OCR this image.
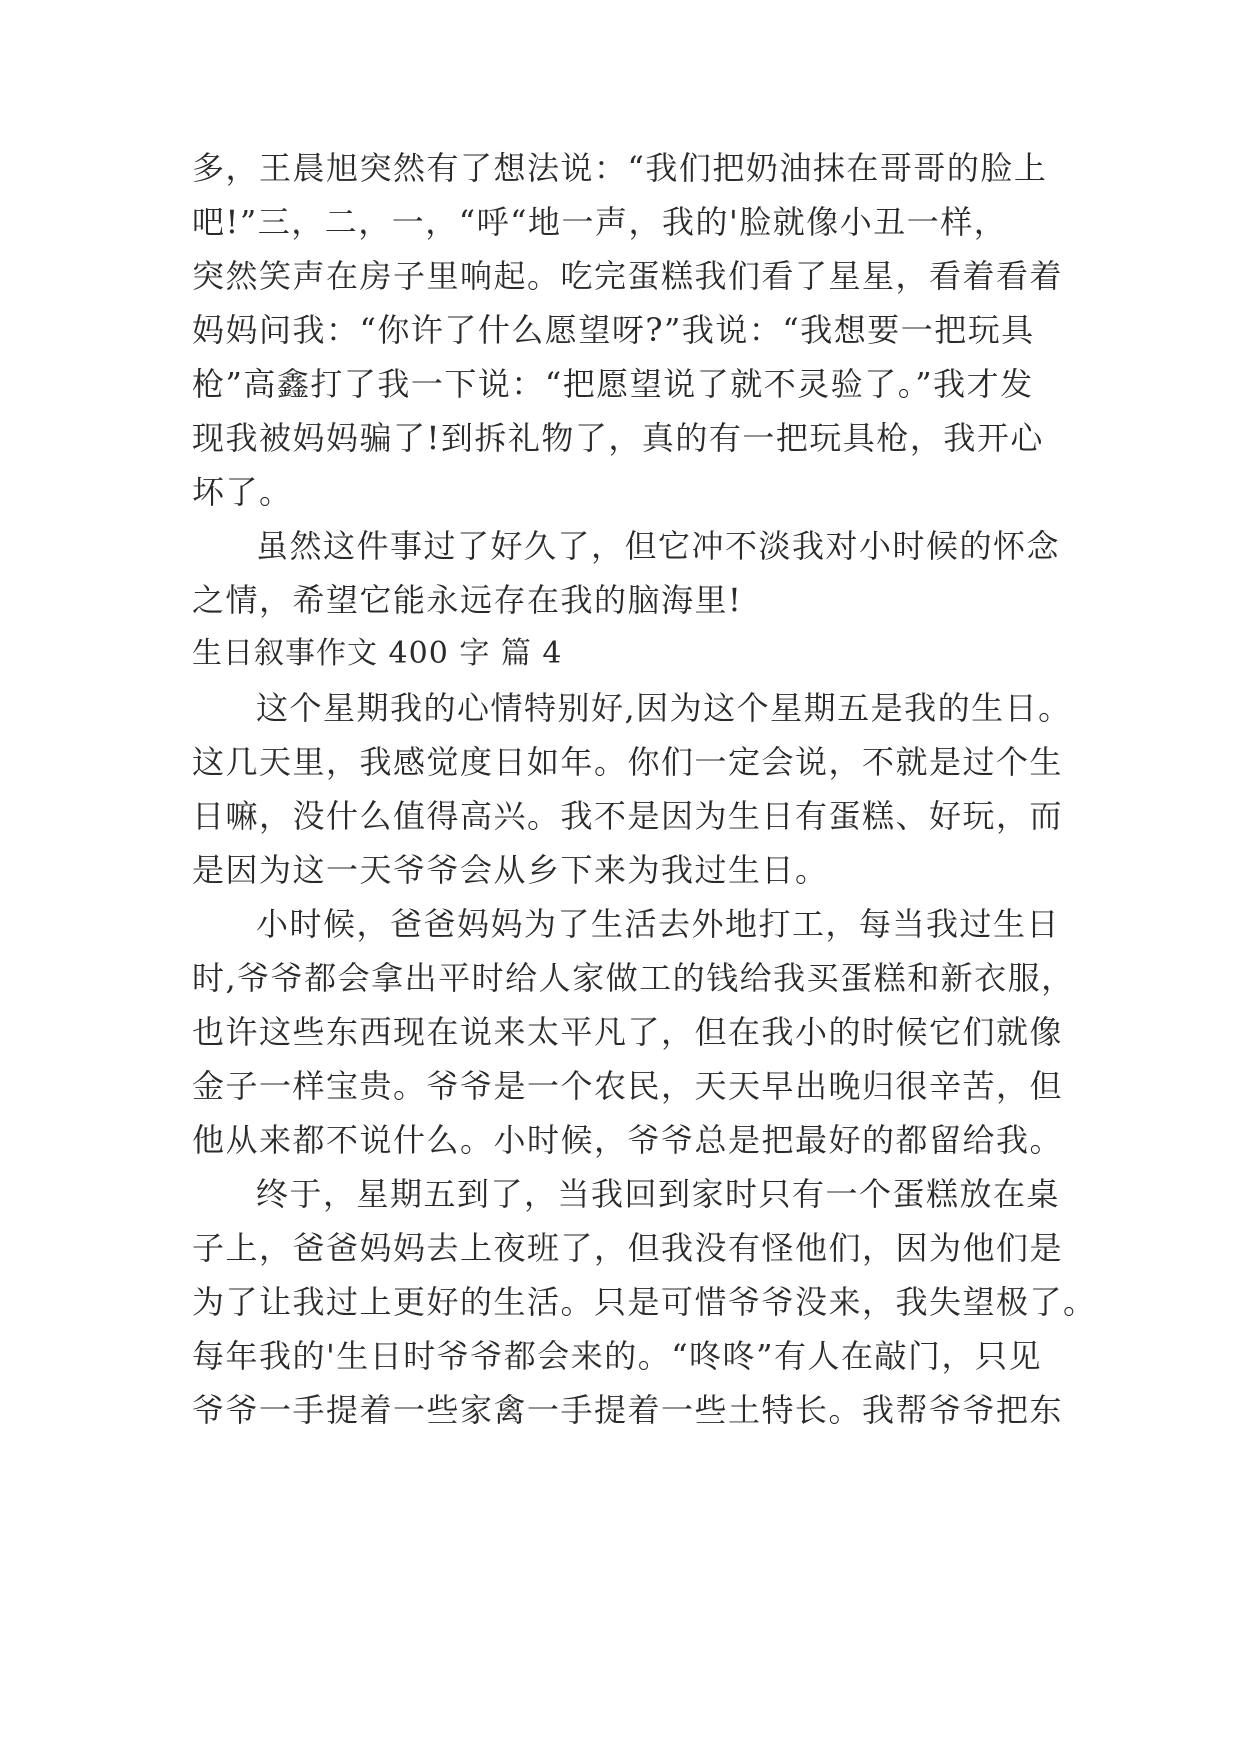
多，王晨旭突然有了想法说：“我们把奶油抹在哥哥的脸上
吧!”三，二，一，“呼“地一声，我的'脸就像小丑一样，
突然笑声在房子里响起。吃完蛋糕我们看了星星，看着看着
妈妈问我：“你许了什么愿望呀?”我说：“我想要一把玩具
枪”高鑫打了我一下说：“把愿望说了就不灵验了。”我才发
现我被妈妈骗了!到拆礼物了，真的有一把玩具枪，我开心
坏了。
虽然这件事过了好久了，但它冲不淡我对小时候的怀念
之情，希望它能永远存在我的脑海里!
生日叙事作文 400 字 篇 4
这个星期我的心情特别好,因为这个星期五是我的生日。
这几天里，我感觉度日如年。你们一定会说，不就是过个生
日嘛，没什么值得高兴。我不是因为生日有蛋糕、好玩，而
是因为这一天爷爷会从乡下来为我过生日。
小时候，爸爸妈妈为了生活去外地打工，每当我过生日
时,爷爷都会拿出平时给人家做工的钱给我买蛋糕和新衣服，
也许这些东西现在说来太平凡了，但在我小的时候它们就像
金子一样宝贵。爷爷是一个农民，天天早出晚归很辛苦，但
他从来都不说什么。小时候，爷爷总是把最好的都留给我。
终于，星期五到了，当我回到家时只有一个蛋糕放在桌
子上，爸爸妈妈去上夜班了，但我没有怪他们，因为他们是
为了让我过上更好的生活。只是可惜爷爷没来，我失望极了。
每年我的'生日时爷爷都会来的。“咚咚”有人在敲门，只见
爷爷一手提着一些家禽一手提着一些土特长。我帮爷爷把东
